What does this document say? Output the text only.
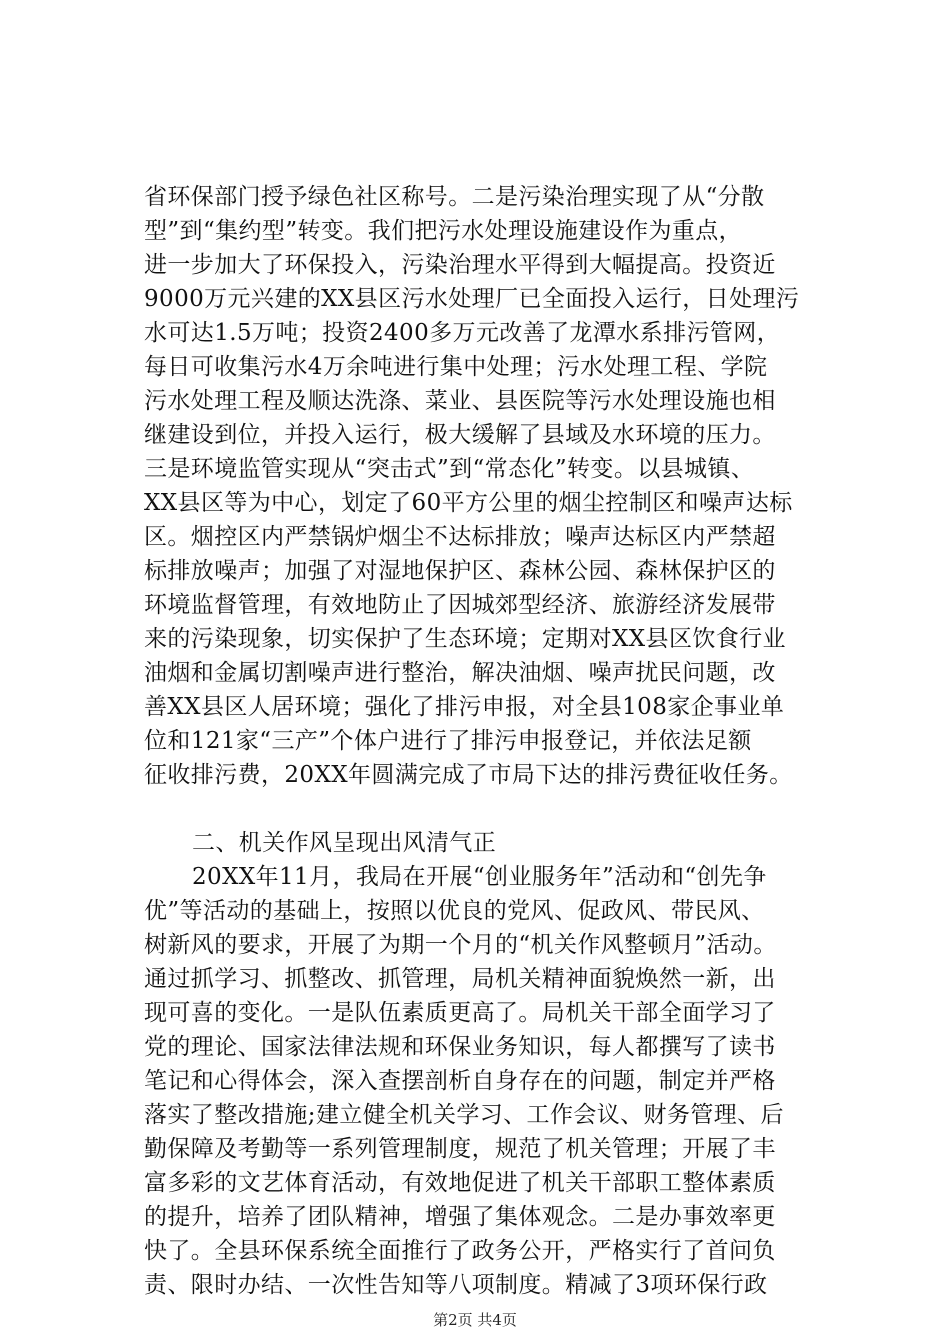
省环保部门授予绿色社区称号。二是污染治理实现了从“分散
型”到“集约型”转变。我们把污水处理设施建设作为重点，
进一步加大了环保投入，污染治理水平得到大幅提高。投资近
9000万元兴建的XX县区污水处理厂已全面投入运行，日处理污
水可达1.5万吨；投资2400多万元改善了龙潭水系排污管网，
每日可收集污水4万余吨进行集中处理；污水处理工程、学院
污水处理工程及顺达洗涤、菜业、县医院等污水处理设施也相
继建设到位，并投入运行，极大缓解了县域及水环境的压力。
三是环境监管实现从“突击式”到“常态化”转变。以县城镇、
XX县区等为中心，划定了60平方公里的烟尘控制区和噪声达标
区。烟控区内严禁锅炉烟尘不达标排放；噪声达标区内严禁超
标排放噪声；加强了对湿地保护区、森林公园、森林保护区的
环境监督管理，有效地防止了因城郊型经济、旅游经济发展带
来的污染现象，切实保护了生态环境；定期对XX县区饮食行业
油烟和金属切割噪声进行整治，解决油烟、噪声扰民问题，改
善XX县区人居环境；强化了排污申报，对全县108家企事业单
位和121家“三产”个体户进行了排污申报登记，并依法足额
征收排污费，20XX年圆满完成了市局下达的排污费征收任务。
二、机关作风呈现出风清气正
20XX年11月，我局在开展“创业服务年”活动和“创先争
优”等活动的基础上，按照以优良的党风、促政风、带民风、
树新风的要求，开展了为期一个月的“机关作风整顿月”活动。
通过抓学习、抓整改、抓管理，局机关精神面貌焕然一新，出
现可喜的变化。一是队伍素质更高了。局机关干部全面学习了
党的理论、国家法律法规和环保业务知识，每人都撰写了读书
笔记和心得体会，深入查摆剖析自身存在的问题，制定并严格
落实了整改措施;建立健全机关学习、工作会议、财务管理、后
勤保障及考勤等一系列管理制度，规范了机关管理；开展了丰
富多彩的文艺体育活动，有效地促进了机关干部职工整体素质
的提升，培养了团队精神，增强了集体观念。二是办事效率更
快了。全县环保系统全面推行了政务公开，严格实行了首问负
责、限时办结、一次性告知等八项制度。精减了3项环保行政
第2页 共4页
